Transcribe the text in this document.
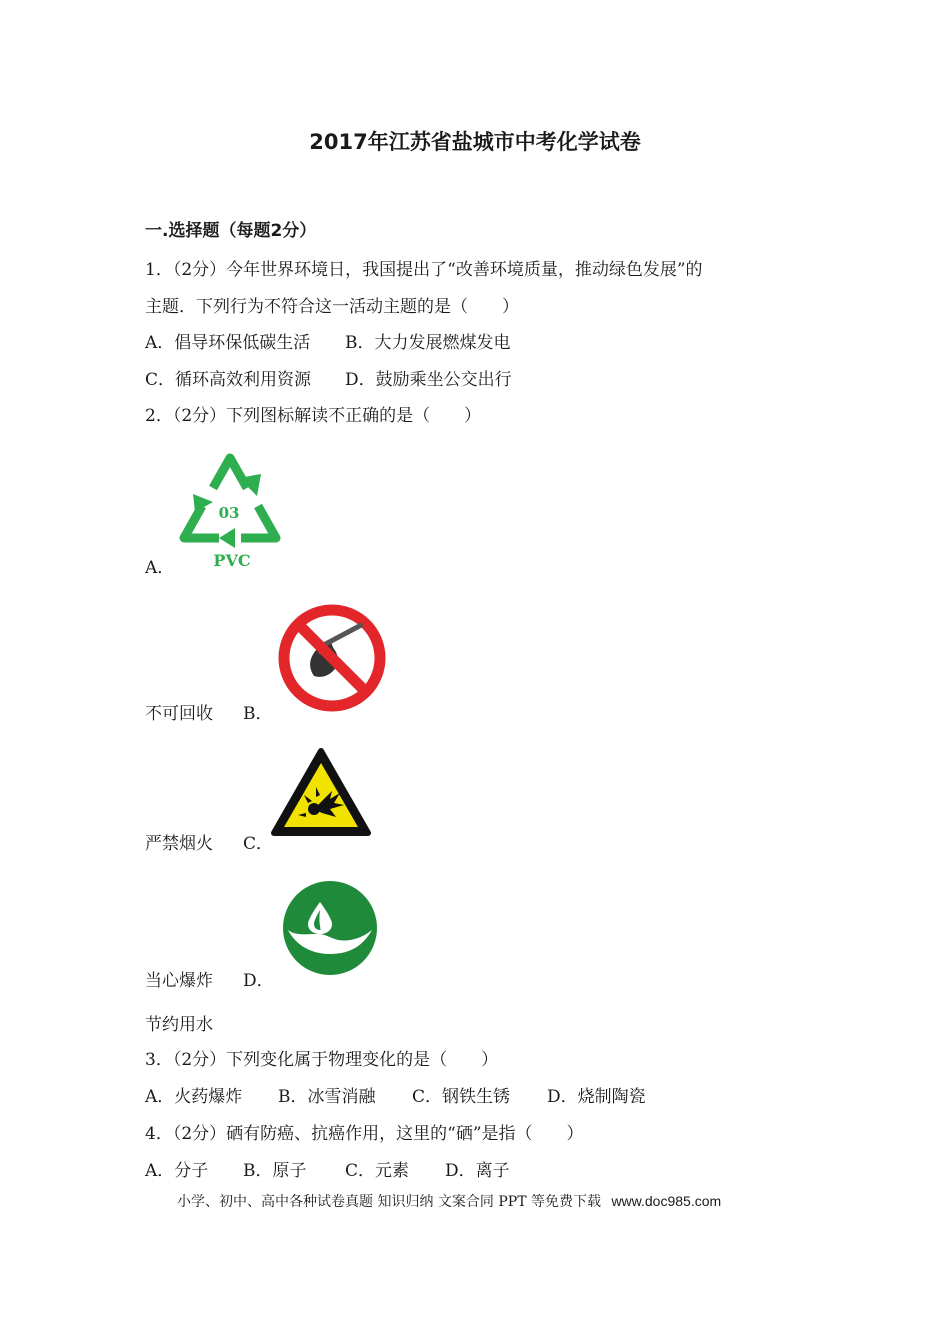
2017年江苏省盐城市中考化学试卷
一.选择题（每题2分）
1．（2分）今年世界环境日，我国提出了“改善环境质量，推动绿色发展”的
主题．下列行为不符合这一活动主题的是（　　）
A．倡导环保低碳生活 B．大力发展燃煤发电
C．循环高效利用资源 D．鼓励乘坐公交出行
2．（2分）下列图标解读不正确的是（　　）
03
PVC
A．
不可回收 B．
严禁烟火 C．
当心爆炸 D．
节约用水
3．（2分）下列变化属于物理变化的是（　　）
A．火药爆炸 B．冰雪消融 C．钢铁生锈 D．烧制陶瓷
4．（2分）硒有防癌、抗癌作用，这里的“硒”是指（　　）
A．分子 B．原子 C．元素 D．离子
小学、初中、高中各种试卷真题 知识归纳 文案合同 PPT 等免费下载 www.doc985.com
